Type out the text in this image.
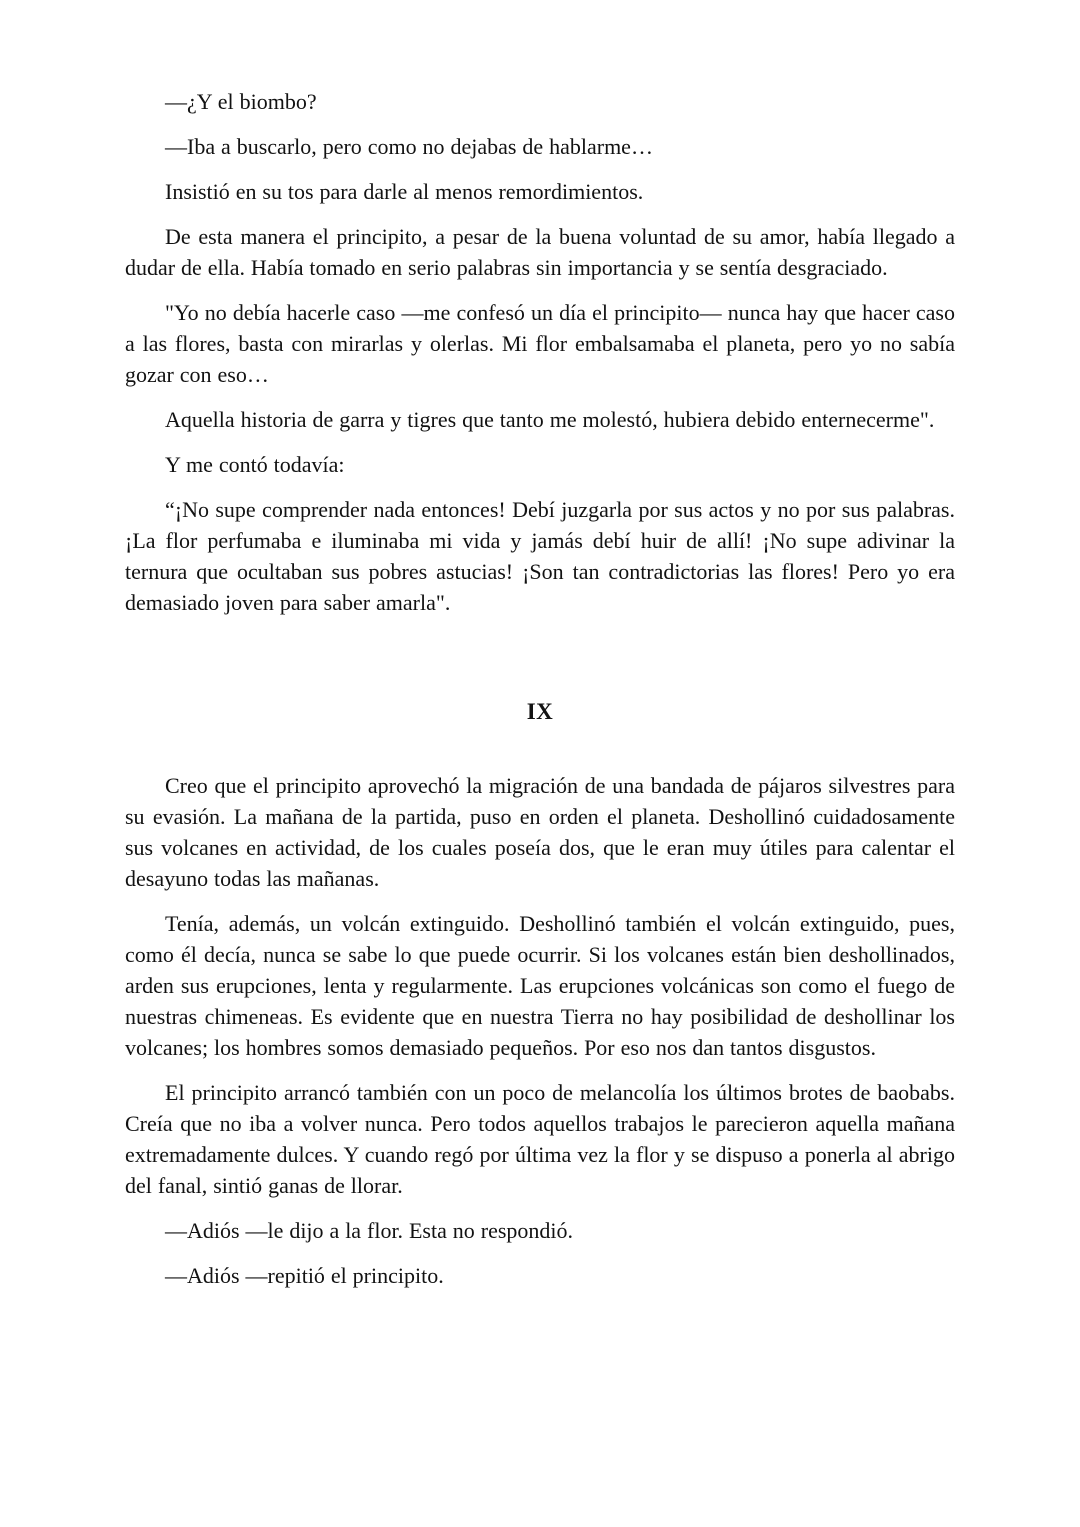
—¿Y el biombo?

—Iba a buscarlo, pero como no dejabas de hablarme…

Insistió en su tos para darle al menos remordimientos.

De esta manera el principito, a pesar de la buena voluntad de su amor, había llegado a dudar de ella. Había tomado en serio palabras sin importancia y se sentía desgraciado.

"Yo no debía hacerle caso —me confesó un día el principito— nunca hay que hacer caso a las flores, basta con mirarlas y olerlas. Mi flor embalsamaba el planeta, pero yo no sabía gozar con eso…

Aquella historia de garra y tigres que tanto me molestó, hubiera debido enternecerme".

Y me contó todavía:

“¡No supe comprender nada entonces! Debí juzgarla por sus actos y no por sus palabras. ¡La flor perfumaba e iluminaba mi vida y jamás debí huir de allí! ¡No supe adivinar la ternura que ocultaban sus pobres astucias! ¡Son tan contradictorias las flores! Pero yo era demasiado joven para saber amarla".

IX

Creo que el principito aprovechó la migración de una bandada de pájaros silvestres para su evasión. La mañana de la partida, puso en orden el planeta. Deshollinó cuidadosamente sus volcanes en actividad, de los cuales poseía dos, que le eran muy útiles para calentar el desayuno todas las mañanas.

Tenía, además, un volcán extinguido. Deshollinó también el volcán extinguido, pues, como él decía, nunca se sabe lo que puede ocurrir. Si los volcanes están bien deshollinados, arden sus erupciones, lenta y regularmente. Las erupciones volcánicas son como el fuego de nuestras chimeneas. Es evidente que en nuestra Tierra no hay posibilidad de deshollinar los volcanes; los hombres somos demasiado pequeños. Por eso nos dan tantos disgustos.

El principito arrancó también con un poco de melancolía los últimos brotes de baobabs. Creía que no iba a volver nunca. Pero todos aquellos trabajos le parecieron aquella mañana extremadamente dulces. Y cuando regó por última vez la flor y se dispuso a ponerla al abrigo del fanal, sintió ganas de llorar.

—Adiós —le dijo a la flor. Esta no respondió.

—Adiós —repitió el principito.
